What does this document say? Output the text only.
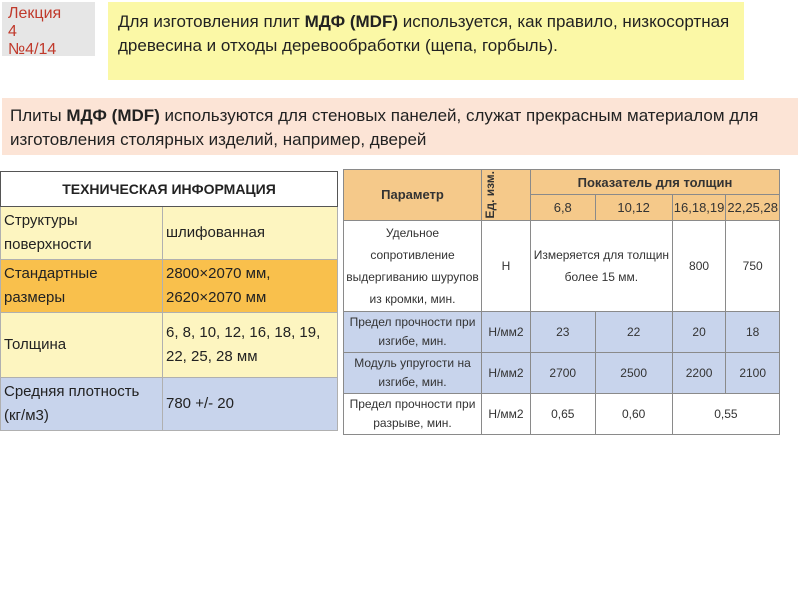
Лекция
4
№4/14
Для изготовления плит МДФ (MDF) используется, как правило, низкосортная древесина и отходы деревообработки (щепа, горбыль).
Плиты МДФ (MDF) используются для стеновых панелей, служат прекрасным материалом для изготовления столярных изделий, например, дверей
ТЕХНИЧЕСКАЯ ИНФОРМАЦИЯ	
Структуры поверхности	шлифованная
Стандартные размеры	2800×2070 мм, 2620×2070 мм
Толщина	6, 8, 10, 12, 16, 18, 19, 22, 25, 28 мм
Средняя плотность (кг/м3)	780 +/- 20
Параметр	Ед. изм.	Показатель для толщин			
		6,8	10,12	16,18,19	22,25,28
Удельное сопротивление выдергиванию шурупов из кромки, мин.	Н	Измеряется для толщин более 15 мм.		800	750
Предел прочности при изгибе, мин.	Н/мм2	23	22	20	18
Модуль упругости на изгибе, мин.	Н/мм2	2700	2500	2200	2100
Предел прочности при разрыве, мин.	Н/мм2	0,65	0,60	0,55	
